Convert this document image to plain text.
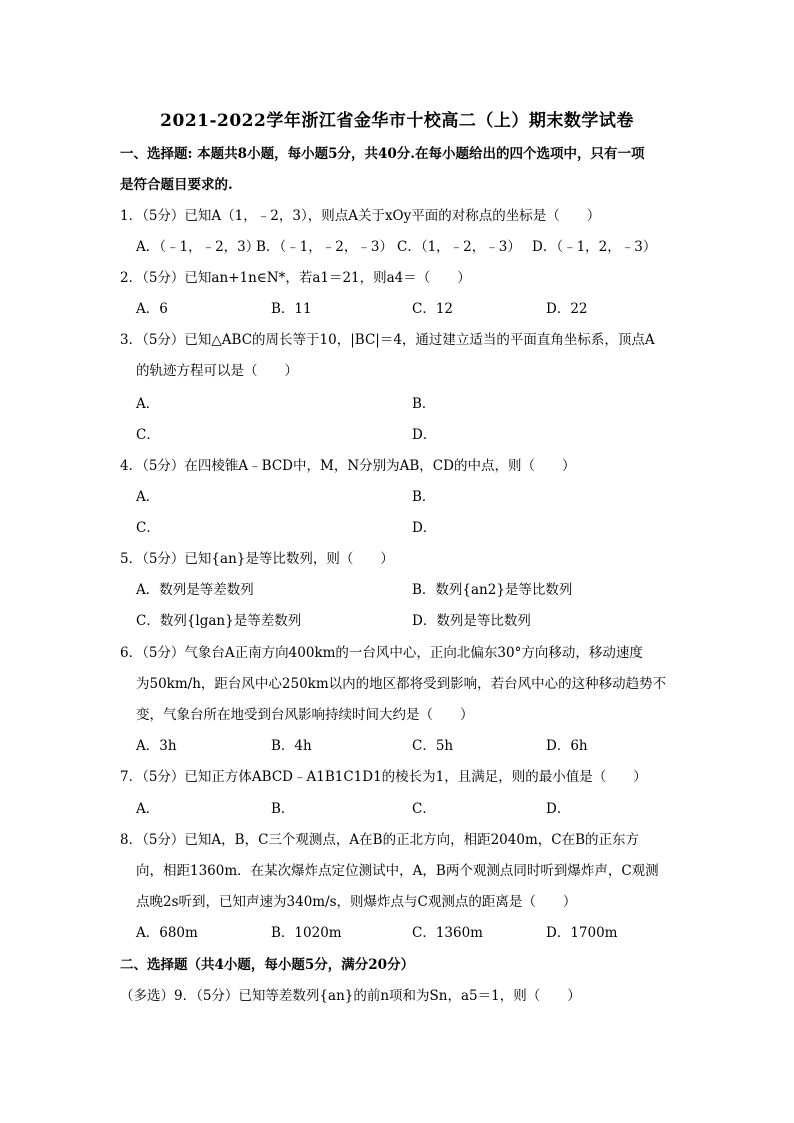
2021-2022学年浙江省金华市十校高二（上）期末数学试卷
一、选择题: 本题共8小题，每小题5分，共40分.在每小题给出的四个选项中，只有一项
是符合题目要求的.
1．（5分）已知A（1，﹣2，3），则点A关于xOy平面的对称点的坐标是（　　）
A．（﹣1，﹣2，3）
B．（﹣1，﹣2，﹣3） C．（1，﹣2，﹣3） D．（﹣1，2，﹣3）
2．（5分）已知an+1n∈N*，若a1＝21，则a4＝（　　）
A．6	B．11	C．12	D．22
3．（5分）已知△ABC的周长等于10，|BC|＝4，通过建立适当的平面直角坐标系，顶点A
的轨迹方程可以是（　　）
A．	B．
C．	D．
4．（5分）在四棱锥A﹣BCD中，M，N分别为AB，CD的中点，则（　　）
A．	B．
C．	D．
5．（5分）已知{an}是等比数列，则（　　）
A．数列是等差数列	B．数列{an2}是等比数列
C．数列{lgan}是等差数列	D．数列是等比数列
6．（5分）气象台A正南方向400km的一台风中心，正向北偏东30°方向移动，移动速度
为50km/h，距台风中心250km以内的地区都将受到影响，若台风中心的这种移动趋势不
变，气象台所在地受到台风影响持续时间大约是（　　）
A．3h	B．4h	C．5h	D．6h
7．（5分）已知正方体ABCD﹣A1B1C1D1的棱长为1，且满足，则的最小值是（　　）
A．	B．	C．	D．
8．（5分）已知A，B，C三个观测点，A在B的正北方向，相距2040m，C在B的正东方
向，相距1360m．在某次爆炸点定位测试中，A，B两个观测点同时听到爆炸声，C观测
点晚2s听到，已知声速为340m/s，则爆炸点与C观测点的距离是（　　）
A．680m	B．1020m	C．1360m	D．1700m
二、选择题（共4小题，每小题5分，满分20分）
（多选）9．（5分）已知等差数列{an}的前n项和为Sn，a5＝1，则（　　）
